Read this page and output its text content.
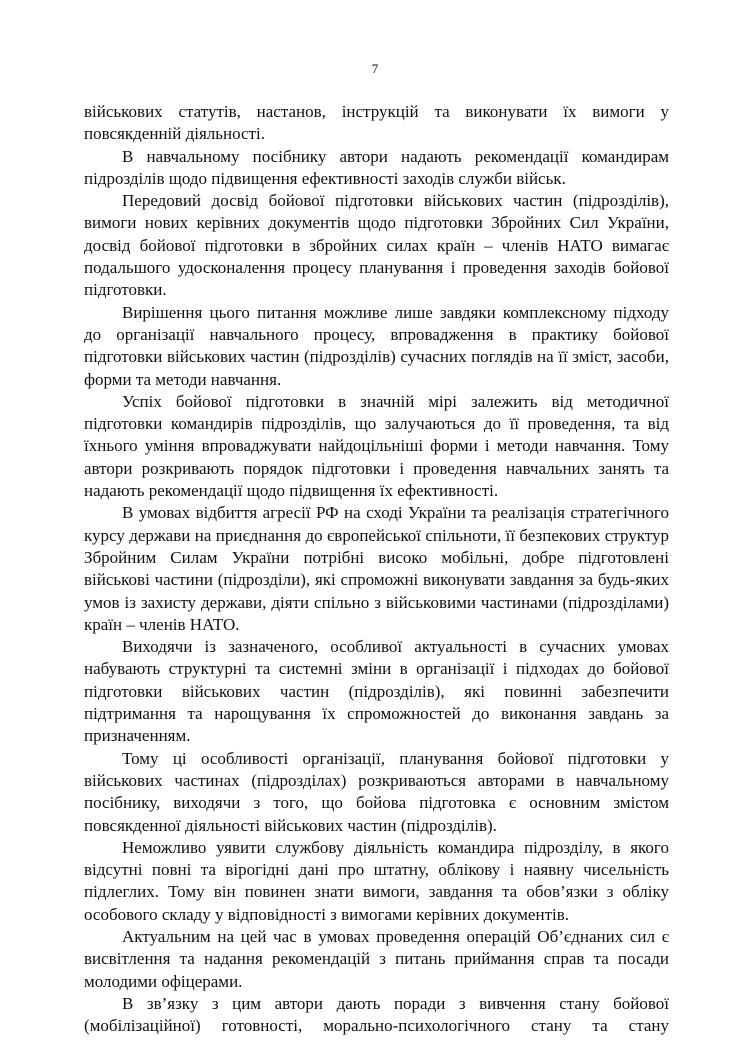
7

військових статутів, настанов, інструкцій та виконувати їх вимоги у повсякденній діяльності.

В навчальному посібнику автори надають рекомендації командирам підрозділів щодо підвищення ефективності заходів служби військ.

Передовий досвід бойової підготовки військових частин (підрозділів), вимоги нових керівних документів щодо підготовки Збройних Сил України, досвід бойової підготовки в збройних силах країн – членів НАТО вимагає подальшого удосконалення процесу планування і проведення заходів бойової підготовки.

Вирішення цього питання можливе лише завдяки комплексному підходу до організації навчального процесу, впровадження в практику бойової підготовки військових частин (підрозділів) сучасних поглядів на її зміст, засоби, форми та методи навчання.

Успіх бойової підготовки в значній мірі залежить від методичної підготовки командирів підрозділів, що залучаються до її проведення, та від їхнього уміння впроваджувати найдоцільніші форми і методи навчання. Тому автори розкривають порядок підготовки і проведення навчальних занять та надають рекомендації щодо підвищення їх ефективності.

В умовах відбиття агресії РФ на сході України та реалізація стратегічного курсу держави на приєднання до європейської спільноти, її безпекових структур Збройним Силам України потрібні високо мобільні, добре підготовлені військові частини (підрозділи), які спроможні виконувати завдання за будь-яких умов із захисту держави, діяти спільно з військовими частинами (підрозділами) країн – членів НАТО.

Виходячи із зазначеного, особливої актуальності в сучасних умовах набувають структурні та системні зміни в організації і підходах до бойової підготовки військових частин (підрозділів), які повинні забезпечити підтримання та нарощування їх спроможностей до виконання завдань за призначенням.

Тому ці особливості організації, планування бойової підготовки у військових частинах (підрозділах) розкриваються авторами в навчальному посібнику, виходячи з того, що бойова підготовка є основним змістом повсякденної діяльності військових частин (підрозділів).

Неможливо уявити службову діяльність командира підрозділу, в якого відсутні повні та вірогідні дані про штатну, облікову і наявну чисельність підлеглих. Тому він повинен знати вимоги, завдання та обов’язки з обліку особового складу у відповідності з вимогами керівних документів.

Актуальним на цей час в умовах проведення операцій Об’єднаних сил є висвітлення та надання рекомендацій з питань приймання справ та посади молодими офіцерами.

В зв’язку з цим автори дають поради з вивчення стану бойової (мобілізаційної) готовності, морально-психологічного стану та стану
